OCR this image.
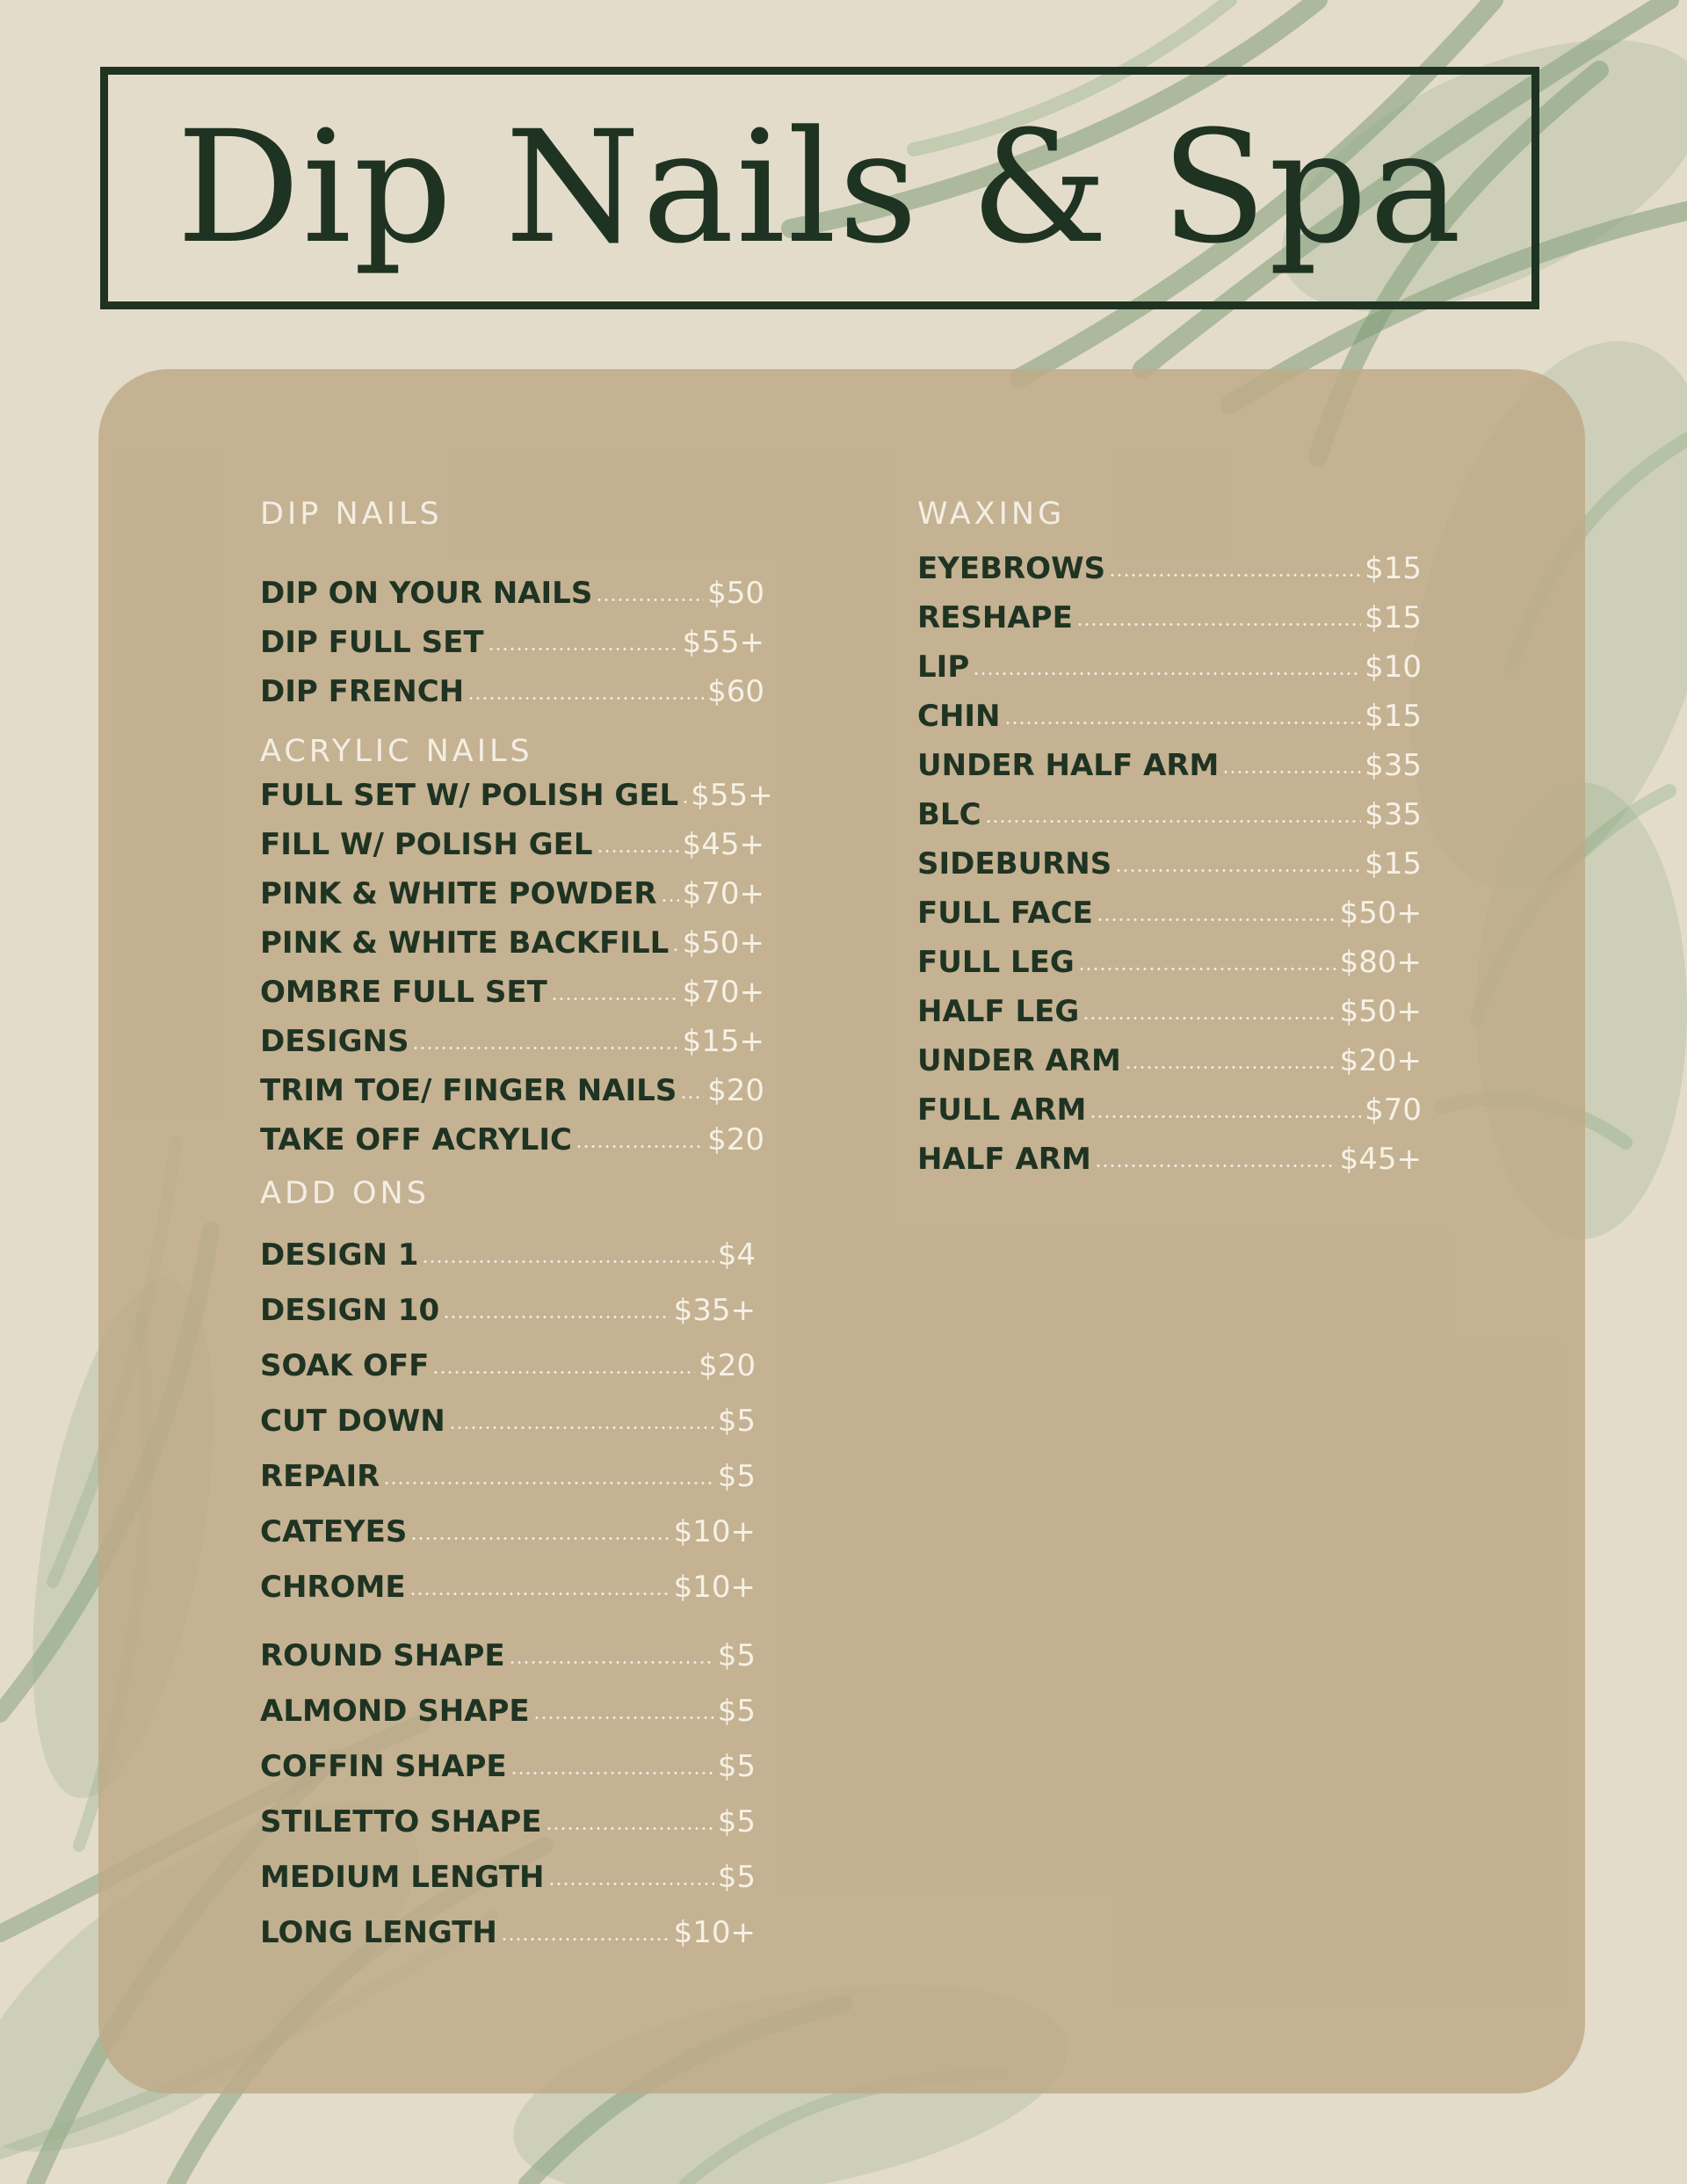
Dip Nails & Spa
DIP NAILS
DIP ON YOUR NAILS	$50
DIP FULL SET	$55+
DIP FRENCH	$60
ACRYLIC NAILS
FULL SET W/ POLISH GEL $55+
FILL W/ POLISH GEL	$45+
PINK & WHITE POWDER $70+
PINK & WHITE BACKFILL $50+
OMBRE FULL SET	$70+
DESIGNS	$15+
TRIM TOE/ FINGER NAILS $20
TAKE OFF ACRYLIC	$20
ADD ONS
DESIGN 1	$4
DESIGN 10	$35+
SOAK OFF	$20
CUT DOWN	$5
REPAIR	$5
CATEYES	$10+
CHROME	$10+
ROUND SHAPE	$5
ALMOND SHAPE	$5
COFFIN SHAPE	$5
STILETTO SHAPE	$5
MEDIUM LENGTH	$5
LONG LENGTH	$10+
WAXING
EYEBROWS	$15
RESHAPE	$15
LIP	$10
CHIN	$15
UNDER HALF ARM	$35
BLC	$35
SIDEBURNS	$15
FULL FACE	$50+
FULL LEG	$80+
HALF LEG	$50+
UNDER ARM	$20+
FULL ARM	$70
HALF ARM	$45+
